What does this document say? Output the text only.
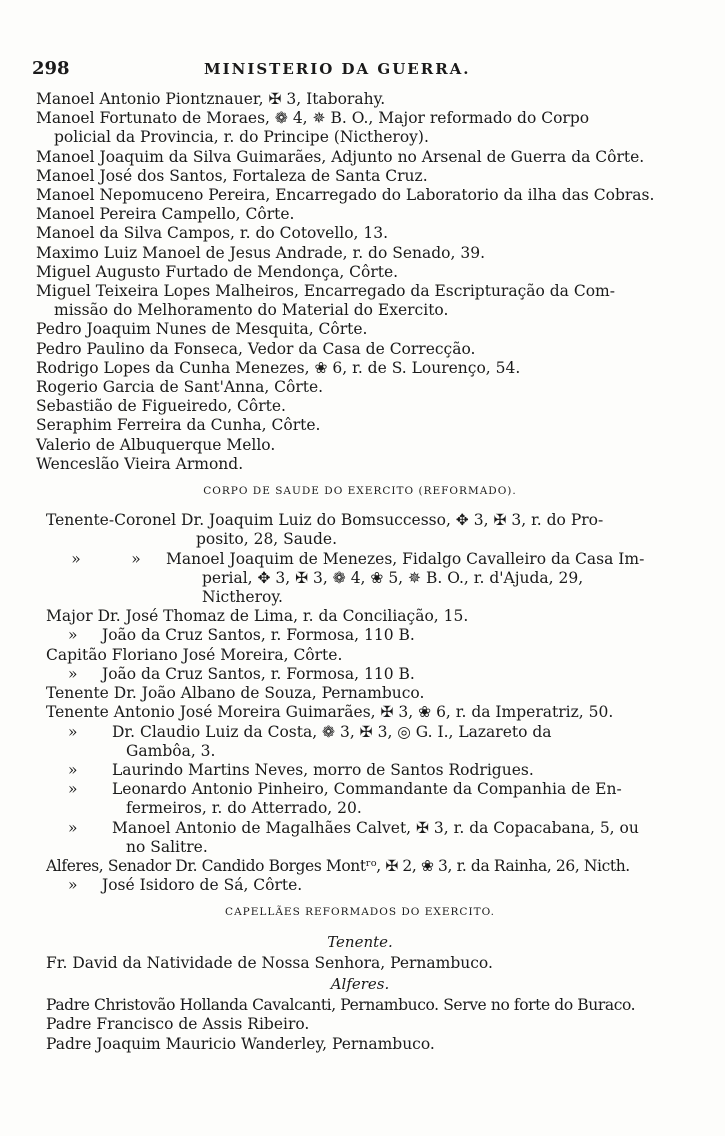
298	MINISTERIO DA GUERRA.

Manoel Antonio Piontznauer, ✠ 3, Itaborahy.

Manoel Fortunato de Moraes, ❁ 4, ✵ B. O., Major reformado do Corpo

policial da Provincia, r. do Principe (Nictheroy).

Manoel Joaquim da Silva Guimarães, Adjunto no Arsenal de Guerra da Côrte.

Manoel José dos Santos, Fortaleza de Santa Cruz.

Manoel Nepomuceno Pereira, Encarregado do Laboratorio da ilha das Cobras.

Manoel Pereira Campello, Côrte.

Manoel da Silva Campos, r. do Cotovello, 13.

Maximo Luiz Manoel de Jesus Andrade, r. do Senado, 39.

Miguel Augusto Furtado de Mendonça, Côrte.

Miguel Teixeira Lopes Malheiros, Encarregado da Escripturação da Com-

missão do Melhoramento do Material do Exercito.

Pedro Joaquim Nunes de Mesquita, Côrte.

Pedro Paulino da Fonseca, Vedor da Casa de Correcção.

Rodrigo Lopes da Cunha Menezes, ❀ 6, r. de S. Lourenço, 54.

Rogerio Garcia de Sant'Anna, Côrte.

Sebastião de Figueiredo, Côrte.

Seraphim Ferreira da Cunha, Côrte.

Valerio de Albuquerque Mello.

Wenceslão Vieira Armond.

CORPO DE SAUDE DO EXERCITO (REFORMADO).

Tenente-Coronel Dr. Joaquim Luiz do Bomsuccesso, ✥ 3, ✠ 3, r. do Pro-

posito, 28, Saude.

»	» Manoel Joaquim de Menezes, Fidalgo Cavalleiro da Casa Im-

perial, ✥ 3, ✠ 3, ❁ 4, ❀ 5, ✵ B. O., r. d'Ajuda, 29,

Nictheroy.

Major Dr. José Thomaz de Lima, r. da Conciliação, 15.

» João da Cruz Santos, r. Formosa, 110 B.

Capitão Floriano José Moreira, Côrte.

» João da Cruz Santos, r. Formosa, 110 B.

Tenente Dr. João Albano de Souza, Pernambuco.

Tenente Antonio José Moreira Guimarães, ✠ 3, ❀ 6, r. da Imperatriz, 50.

» Dr. Claudio Luiz da Costa, ❁ 3, ✠ 3, ◎ G. I., Lazareto da

Gambôa, 3.

» Laurindo Martins Neves, morro de Santos Rodrigues.

» Leonardo Antonio Pinheiro, Commandante da Companhia de En-

fermeiros, r. do Atterrado, 20.

» Manoel Antonio de Magalhães Calvet, ✠ 3, r. da Copacabana, 5, ou

no Salitre.

Alferes, Senador Dr. Candido Borges Montʳᵒ, ✠ 2, ❀ 3, r. da Rainha, 26, Nicth.

» José Isidoro de Sá, Côrte.

CAPELLÃES REFORMADOS DO EXERCITO.

Tenente.

Fr. David da Natividade de Nossa Senhora, Pernambuco.

Alferes.

Padre Christovão Hollanda Cavalcanti, Pernambuco. Serve no forte do Buraco.

Padre Francisco de Assis Ribeiro.

Padre Joaquim Mauricio Wanderley, Pernambuco.
